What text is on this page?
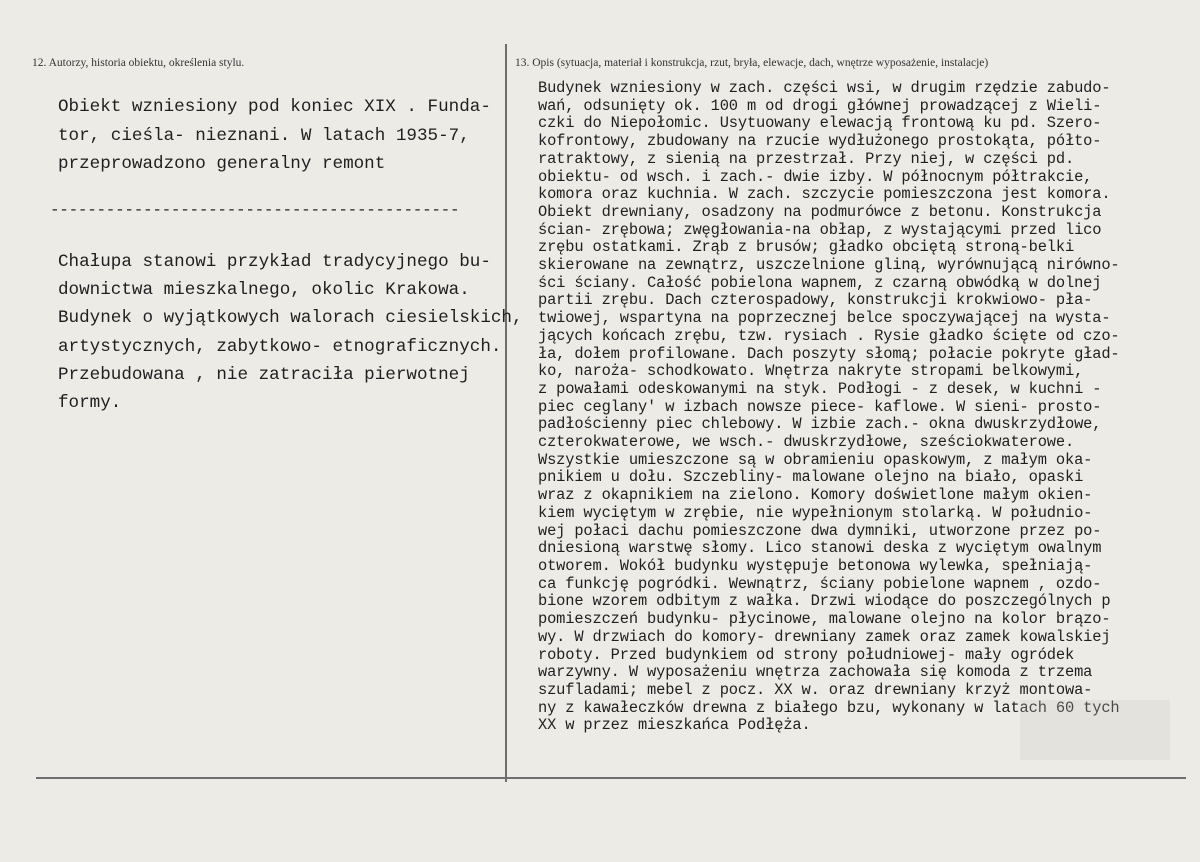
12. Autorzy, historia obiektu, określenia stylu.	13. Opis (sytuacja, materiał i konstrukcja, rzut, bryła, elewacje, dach, wnętrze wyposażenie, instalacje)
Obiekt wzniesiony pod koniec XIX . Funda-
tor, cieśla- nieznani. W latach 1935-7,
przeprowadzono generalny remont
--------------------------------------------
Chałupa stanowi przykład tradycyjnego bu-
downictwa mieszkalnego, okolic Krakowa.
Budynek o wyjątkowych walorach ciesielskich,
artystycznych, zabytkowo- etnograficznych.
Przebudowana , nie zatraciła pierwotnej
formy.
Budynek wzniesiony w zach. części wsi, w drugim rzędzie zabudo-
wań, odsunięty ok. 100 m od drogi głównej prowadzącej z Wieli-
czki do Niepołomic. Usytuowany elewacją frontową ku pd. Szero-
kofrontowy, zbudowany na rzucie wydłużonego prostokąta, półto-
ratraktowy, z sienią na przestrzał. Przy niej, w części pd.
obiektu- od wsch. i zach.- dwie izby. W północnym półtrakcie,
komora oraz kuchnia. W zach. szczycie pomieszczona jest komora.
Obiekt drewniany, osadzony na podmurówce z betonu. Konstrukcja
ścian- zrębowa; zwęgłowania-na obłap, z wystającymi przed lico
zrębu ostatkami. Zrąb z brusów; gładko obciętą stroną-belki
skierowane na zewnątrz, uszczelnione gliną, wyrównującą nirówno-
ści ściany. Całość pobielona wapnem, z czarną obwódką w dolnej
partii zrębu. Dach czterospadowy, konstrukcji krokwiowo- pła-
twiowej, wspartyna na poprzecznej belce spoczywającej na wysta-
jących końcach zrębu, tzw. rysiach . Rysie gładko ścięte od czo-
ła, dołem profilowane. Dach poszyty słomą; połacie pokryte gład-
ko, naroża- schodkowato. Wnętrza nakryte stropami belkowymi,
z powałami odeskowanymi na styk. Podłogi - z desek, w kuchni -
piec ceglany' w izbach nowsze piece- kaflowe. W sieni- prosto-
padłościenny piec chlebowy. W izbie zach.- okna dwuskrzydłowe,
czterokwaterowe, we wsch.- dwuskrzydłowe, sześciokwaterowe.
Wszystkie umieszczone są w obramieniu opaskowym, z małym oka-
pnikiem u dołu. Szczebliny- malowane olejno na biało, opaski
wraz z okapnikiem na zielono. Komory doświetlone małym okien-
kiem wyciętym w zrębie, nie wypełnionym stolarką. W południo-
wej połaci dachu pomieszczone dwa dymniki, utworzone przez po-
dniesioną warstwę słomy. Lico stanowi deska z wyciętym owalnym
otworem. Wokół budynku występuje betonowa wylewka, spełniają-
ca funkcję pogródki. Wewnątrz, ściany pobielone wapnem , ozdo-
bione wzorem odbitym z wałka. Drzwi wiodące do poszczególnych p
pomieszczeń budynku- płycinowe, malowane olejno na kolor brązo-
wy. W drzwiach do komory- drewniany zamek oraz zamek kowalskiej
roboty. Przed budynkiem od strony południowej- mały ogródek
warzywny. W wyposażeniu wnętrza zachowała się komoda z trzema
szufladami; mebel z pocz. XX w. oraz drewniany krzyż montowa-
ny z kawałeczków drewna z białego bzu, wykonany w latach 60 tych
XX w przez mieszkańca Podłęża.
